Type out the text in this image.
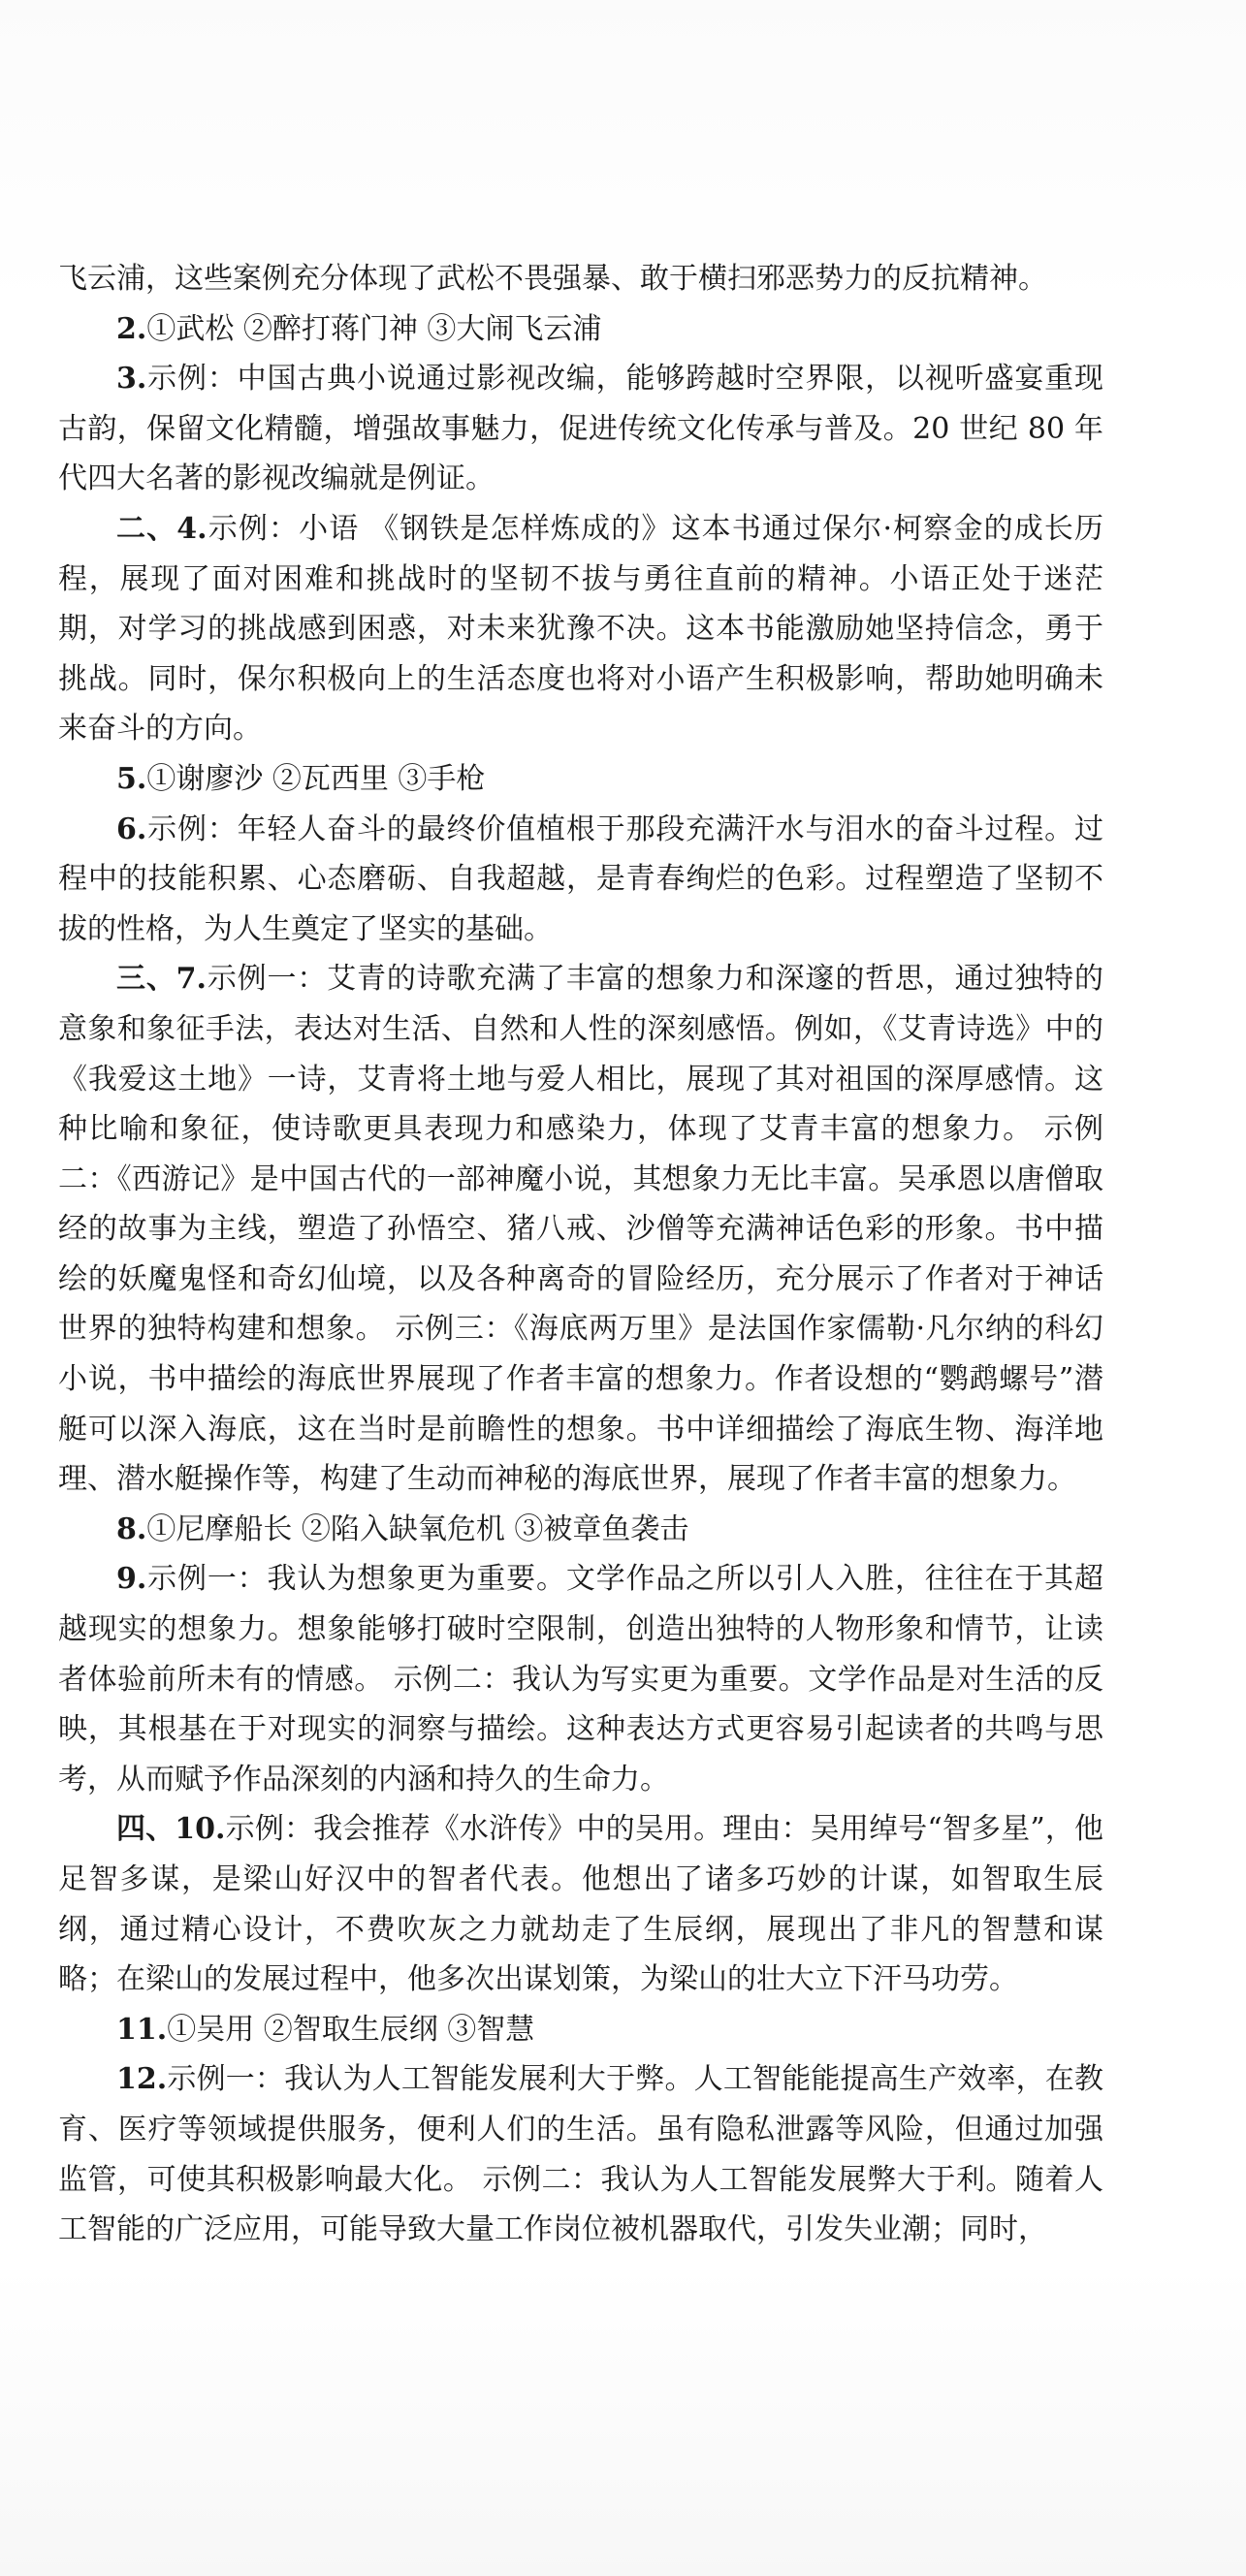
飞云浦，这些案例充分体现了武松不畏强暴、敢于横扫邪恶势力的反抗精神。

2.①武松 ②醉打蒋门神 ③大闹飞云浦

3.示例：中国古典小说通过影视改编，能够跨越时空界限，以视听盛宴重现古韵，保留文化精髓，增强故事魅力，促进传统文化传承与普及。20 世纪 80 年代四大名著的影视改编就是例证。

二、4.示例：小语 《钢铁是怎样炼成的》这本书通过保尔·柯察金的成长历程，展现了面对困难和挑战时的坚韧不拔与勇往直前的精神。小语正处于迷茫期，对学习的挑战感到困惑，对未来犹豫不决。这本书能激励她坚持信念，勇于挑战。同时，保尔积极向上的生活态度也将对小语产生积极影响，帮助她明确未来奋斗的方向。

5.①谢廖沙 ②瓦西里 ③手枪

6.示例：年轻人奋斗的最终价值植根于那段充满汗水与泪水的奋斗过程。过程中的技能积累、心态磨砺、自我超越，是青春绚烂的色彩。过程塑造了坚韧不拔的性格，为人生奠定了坚实的基础。

三、7.示例一：艾青的诗歌充满了丰富的想象力和深邃的哲思，通过独特的意象和象征手法，表达对生活、自然和人性的深刻感悟。例如，《艾青诗选》中的《我爱这土地》一诗，艾青将土地与爱人相比，展现了其对祖国的深厚感情。这种比喻和象征，使诗歌更具表现力和感染力，体现了艾青丰富的想象力。 示例二：《西游记》是中国古代的一部神魔小说，其想象力无比丰富。吴承恩以唐僧取经的故事为主线，塑造了孙悟空、猪八戒、沙僧等充满神话色彩的形象。书中描绘的妖魔鬼怪和奇幻仙境，以及各种离奇的冒险经历，充分展示了作者对于神话世界的独特构建和想象。 示例三：《海底两万里》是法国作家儒勒·凡尔纳的科幻小说，书中描绘的海底世界展现了作者丰富的想象力。作者设想的“鹦鹉螺号”潜艇可以深入海底，这在当时是前瞻性的想象。书中详细描绘了海底生物、海洋地理、潜水艇操作等，构建了生动而神秘的海底世界，展现了作者丰富的想象力。

8.①尼摩船长 ②陷入缺氧危机 ③被章鱼袭击

9.示例一：我认为想象更为重要。文学作品之所以引人入胜，往往在于其超越现实的想象力。想象能够打破时空限制，创造出独特的人物形象和情节，让读者体验前所未有的情感。 示例二：我认为写实更为重要。文学作品是对生活的反映，其根基在于对现实的洞察与描绘。这种表达方式更容易引起读者的共鸣与思考，从而赋予作品深刻的内涵和持久的生命力。

四、10.示例：我会推荐《水浒传》中的吴用。理由：吴用绰号“智多星”，他足智多谋，是梁山好汉中的智者代表。他想出了诸多巧妙的计谋，如智取生辰纲，通过精心设计，不费吹灰之力就劫走了生辰纲，展现出了非凡的智慧和谋略；在梁山的发展过程中，他多次出谋划策，为梁山的壮大立下汗马功劳。

11.①吴用 ②智取生辰纲 ③智慧

12.示例一：我认为人工智能发展利大于弊。人工智能能提高生产效率，在教育、医疗等领域提供服务，便利人们的生活。虽有隐私泄露等风险，但通过加强监管，可使其积极影响最大化。 示例二：我认为人工智能发展弊大于利。随着人工智能的广泛应用，可能导致大量工作岗位被机器取代，引发失业潮；同时，
